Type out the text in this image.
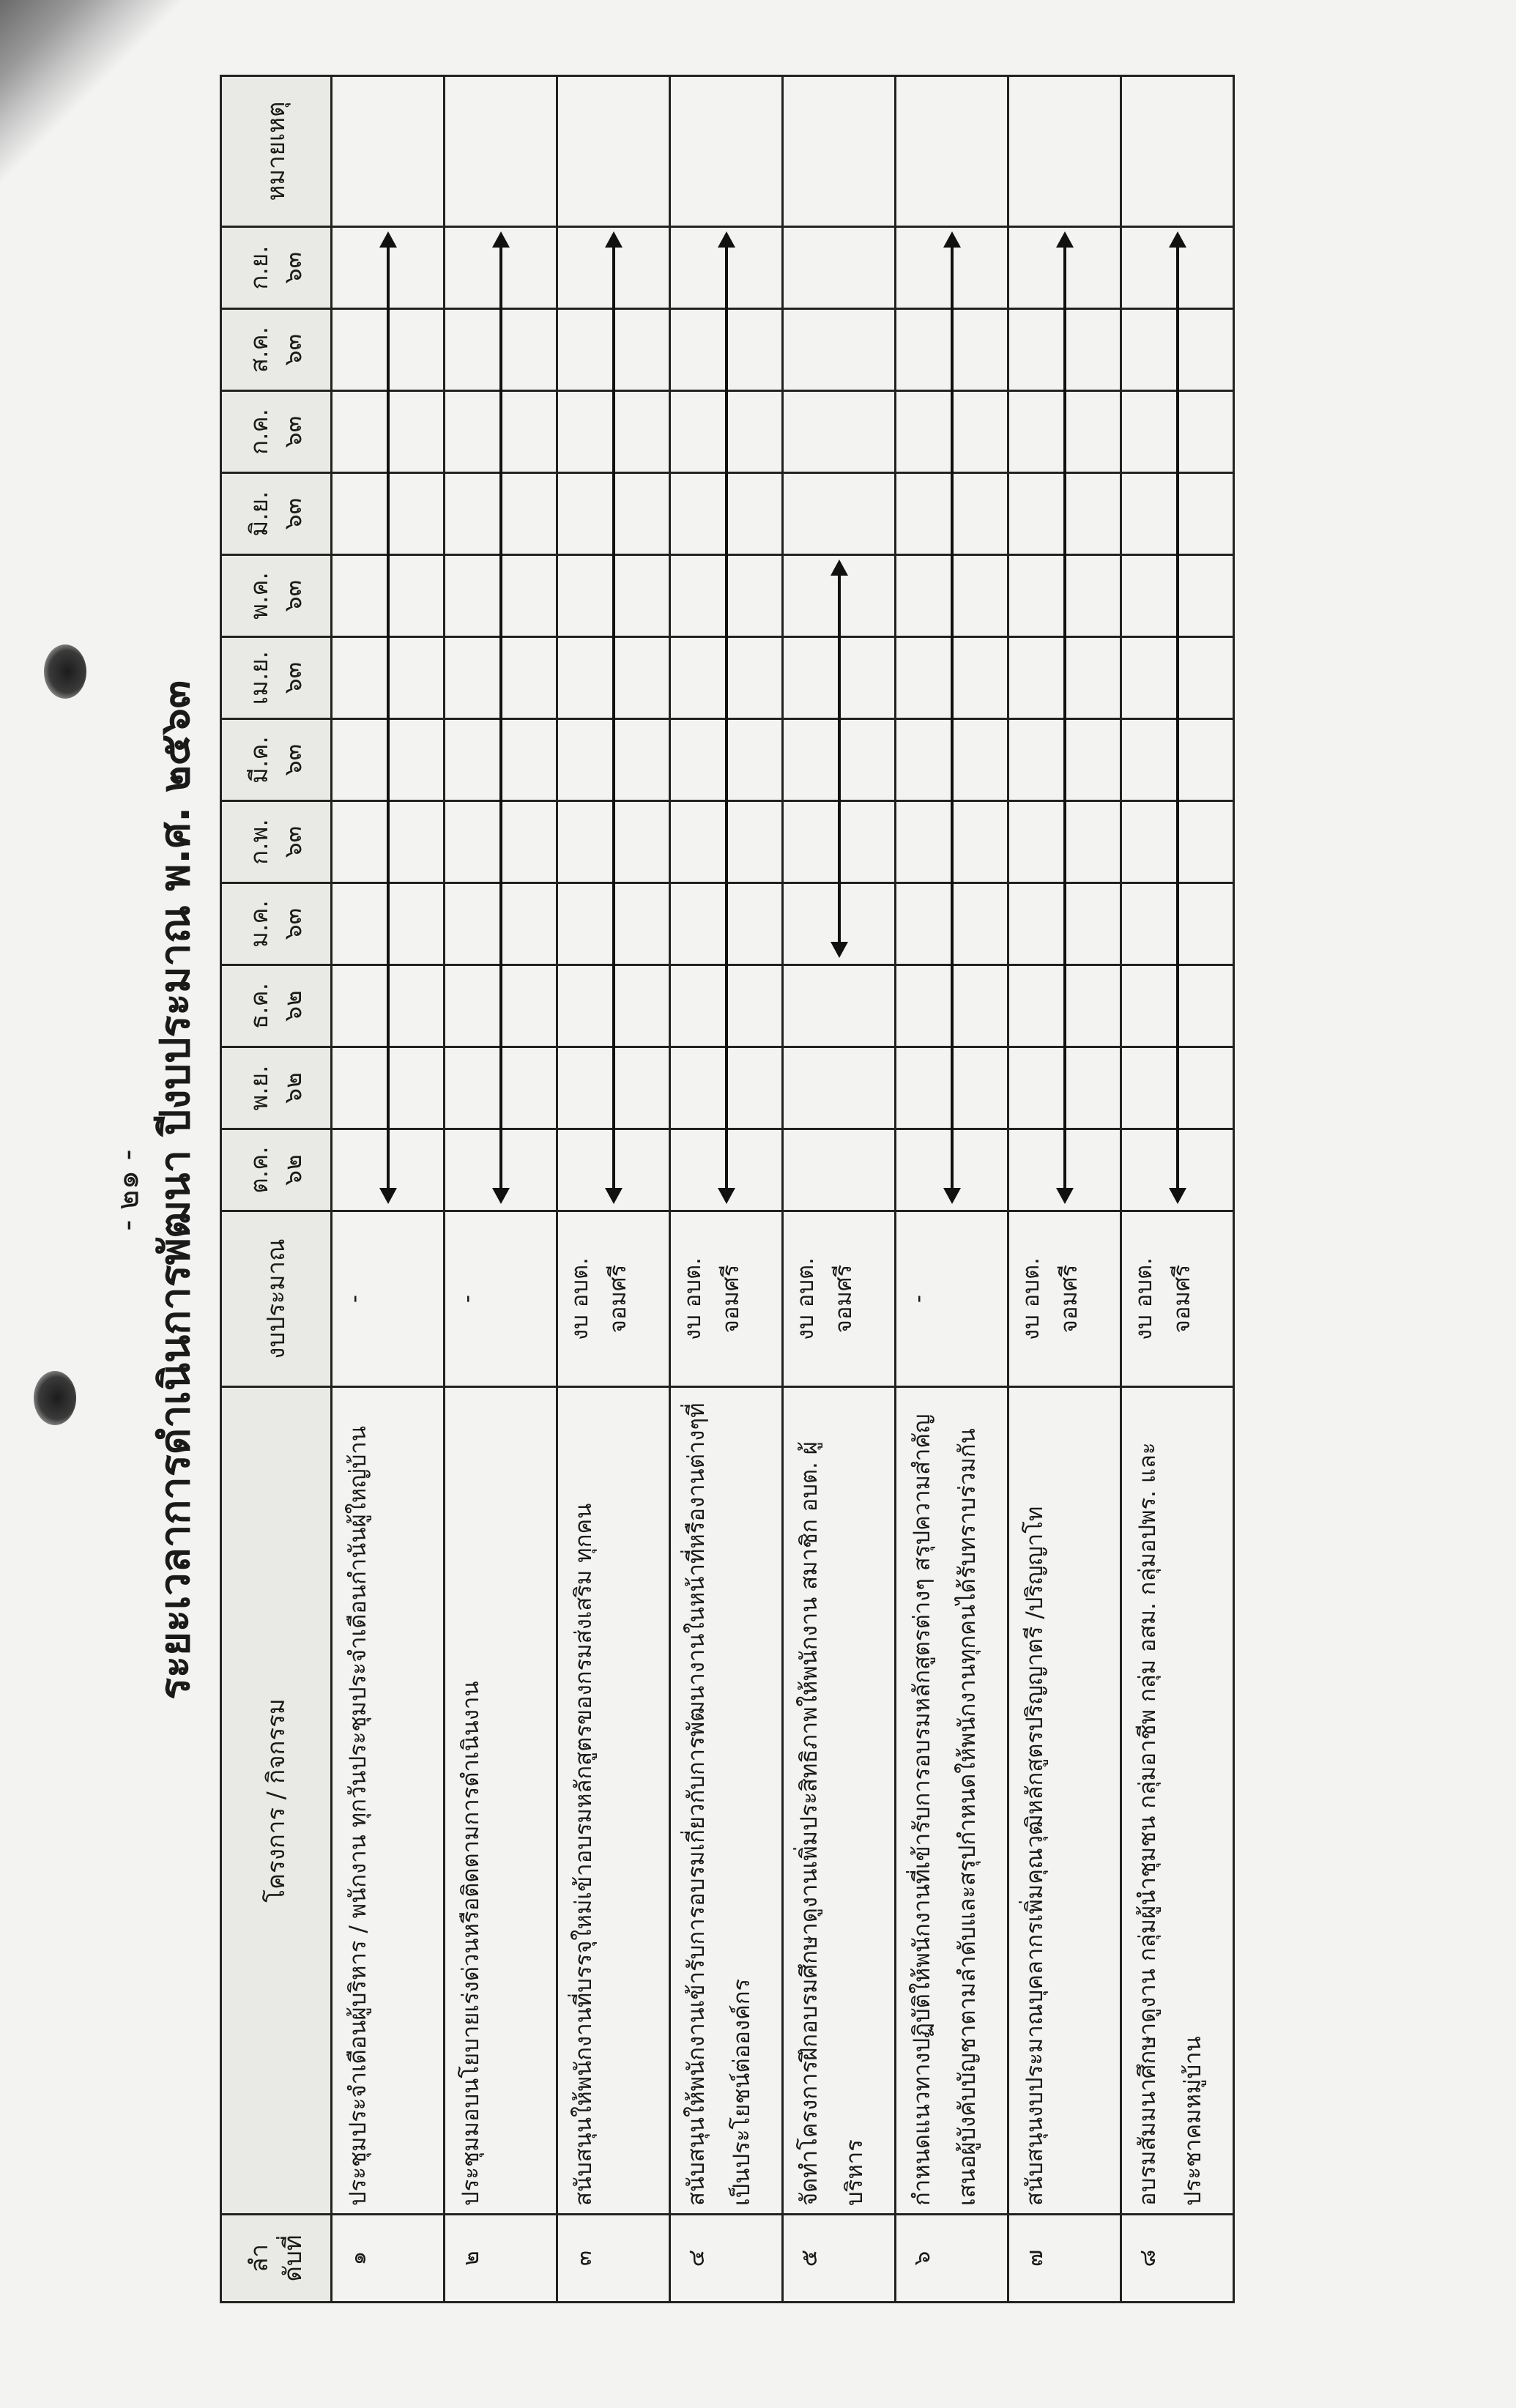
- ๒๑ - ระยะเวลาการดำเนินการพัฒนา ปีงบประมาณ พ.ศ. ๒๕๖๓
ลำ ดับที่	โครงการ / กิจกรรม	งบประมาณ	ต.ค. ๖๒	พ.ย. ๖๒	ธ.ค. ๖๒	ม.ค. ๖๓	ก.พ. ๖๓	มี.ค. ๖๓	เม.ย. ๖๓	พ.ค. ๖๓	มิ.ย. ๖๓	ก.ค. ๖๓	ส.ค. ๖๓	ก.ย. ๖๓	หมายเหตุ
๑	ประชุมประจำเดือนผู้บริหาร / พนักงาน ทุกวันประชุมประจำเดือนกำนันผู้ใหญ่บ้าน	-													

๒	ประชุมมอบนโยบายเร่งด่วนหรือติดตามการดำเนินงาน	-													

๓	สนับสนุนให้พนักงานที่บรรจุใหม่เข้าอบรมหลักสูตรของกรมส่งเสริม ทุกคน	งบ อบต. จอมศรี													

๔	สนับสนุนให้พนักงานเข้ารับการอบรมเกี่ยวกับการพัฒนางานในหน้าที่หรืองานต่างๆที่เป็นประโยชน์ต่อองค์กร	งบ อบต. จอมศรี													

๕	จัดทำโครงการฝึกอบรมศึกษาดูงานเพิ่มประสิทธิภาพให้พนักงาน สมาชิก อบต. ผู้บริหาร	งบ อบต. จอมศรี													

๖	กำหนดแนวทางปฏิบัติให้พนักงานที่เข้ารับการอบรมหลักสูตรต่างๆ สรุปความสำคัญเสนอผู้บังคับบัญชาตามลำดับและสรุปกำหนดให้พนักงานทุกคนได้รับทราบร่วมกัน	-													

๗	สนับสนุนงบประมาณบุคลากรเพิ่มคุณวุฒิหลักสูตรปริญญาตรี /ปริญญาโท	งบ อบต. จอมศรี													

๘	อบรมสัมมนาศึกษาดูงาน กลุ่มผู้นำชุมชน กลุ่มอาชีพ กลุ่ม อสม. กลุ่มอปพร. และประชาคมหมู่บ้าน	งบ อบต. จอมศรี													
